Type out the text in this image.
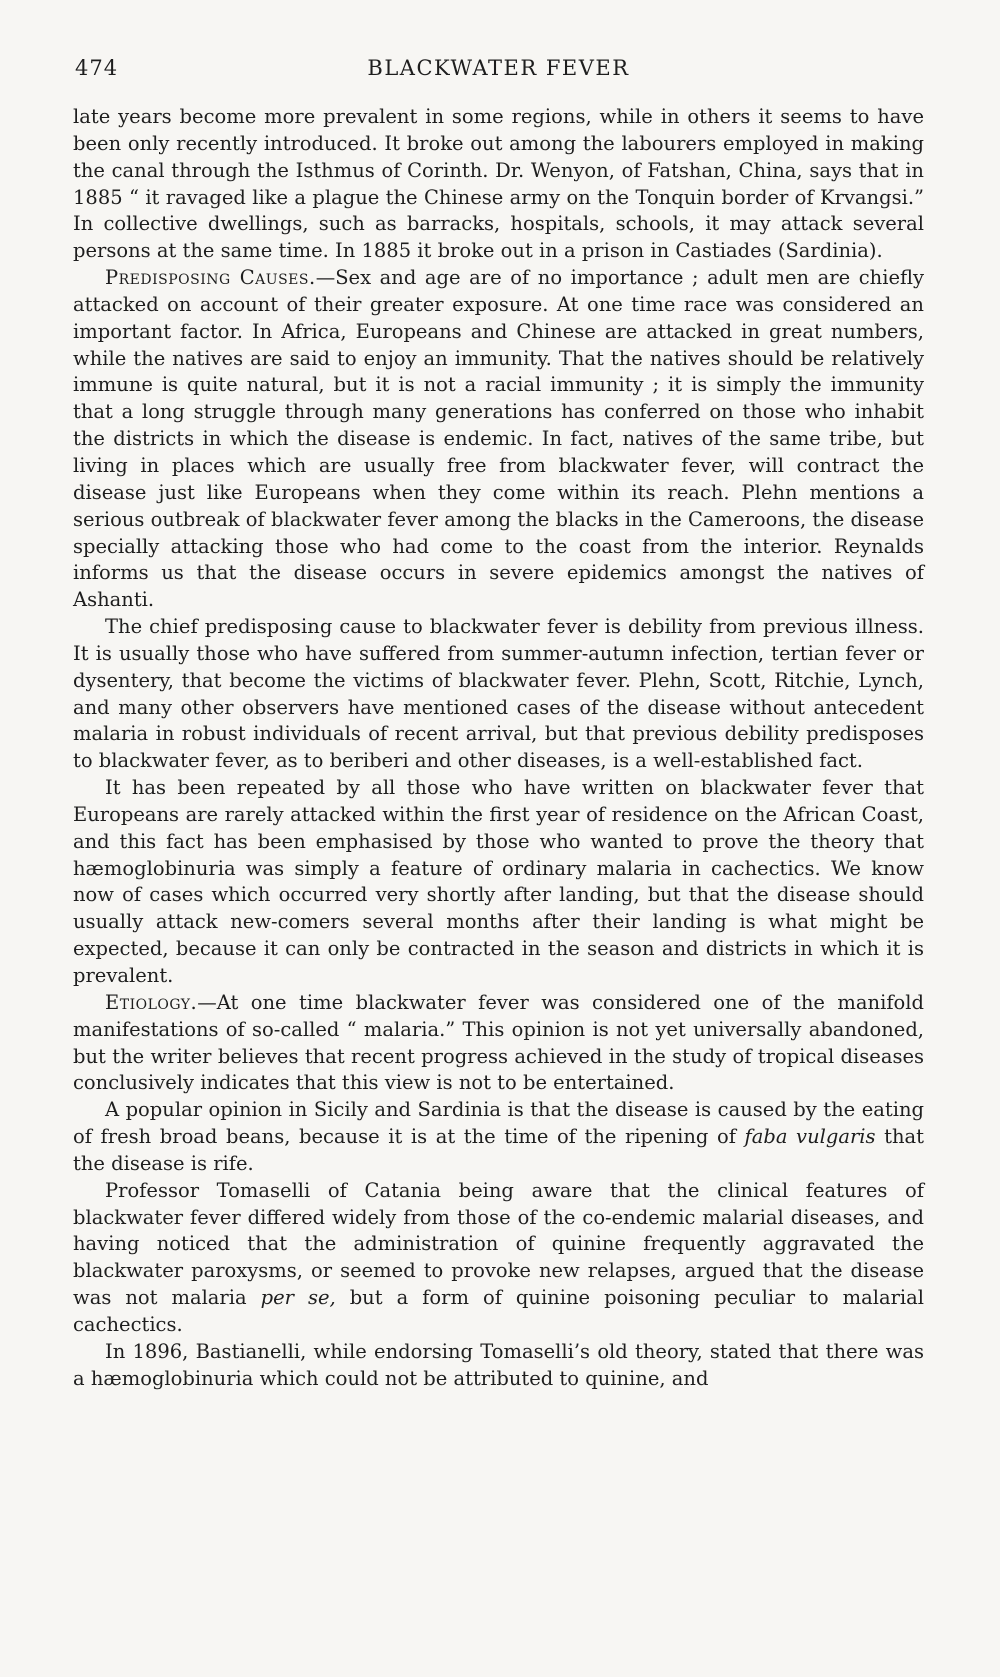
474	BLACKWATER FEVER

late years become more prevalent in some regions, while in others it seems to have been only recently introduced. It broke out among the labourers employed in making the canal through the Isthmus of Corinth. Dr. Wenyon, of Fatshan, China, says that in 1885 “ it ravaged like a plague the Chinese army on the Tonquin border of Krvangsi.” In collective dwellings, such as barracks, hospitals, schools, it may attack several persons at the same time. In 1885 it broke out in a prison in Castiades (Sardinia).

Predisposing Causes.—Sex and age are of no importance ; adult men are chiefly attacked on account of their greater exposure. At one time race was considered an important factor. In Africa, Europeans and Chinese are attacked in great numbers, while the natives are said to enjoy an immunity. That the natives should be relatively immune is quite natural, but it is not a racial immunity ; it is simply the immunity that a long struggle through many generations has conferred on those who inhabit the districts in which the disease is endemic. In fact, natives of the same tribe, but living in places which are usually free from blackwater fever, will contract the disease just like Europeans when they come within its reach. Plehn mentions a serious outbreak of blackwater fever among the blacks in the Cameroons, the disease specially attacking those who had come to the coast from the interior. Reynalds informs us that the disease occurs in severe epidemics amongst the natives of Ashanti.

The chief predisposing cause to blackwater fever is debility from previous illness. It is usually those who have suffered from summer-autumn infection, tertian fever or dysentery, that become the victims of blackwater fever. Plehn, Scott, Ritchie, Lynch, and many other observers have mentioned cases of the disease without antecedent malaria in robust individuals of recent arrival, but that previous debility predisposes to blackwater fever, as to beriberi and other diseases, is a well-established fact.

It has been repeated by all those who have written on blackwater fever that Europeans are rarely attacked within the first year of residence on the African Coast, and this fact has been emphasised by those who wanted to prove the theory that hæmoglobinuria was simply a feature of ordinary malaria in cachectics. We know now of cases which occurred very shortly after landing, but that the disease should usually attack new-comers several months after their landing is what might be expected, because it can only be contracted in the season and districts in which it is prevalent.

Etiology.—At one time blackwater fever was considered one of the manifold manifestations of so-called “ malaria.” This opinion is not yet universally abandoned, but the writer believes that recent progress achieved in the study of tropical diseases conclusively indicates that this view is not to be entertained.

A popular opinion in Sicily and Sardinia is that the disease is caused by the eating of fresh broad beans, because it is at the time of the ripening of faba vulgaris that the disease is rife.

Professor Tomaselli of Catania being aware that the clinical features of blackwater fever differed widely from those of the co-endemic malarial diseases, and having noticed that the administration of quinine frequently aggravated the blackwater paroxysms, or seemed to provoke new relapses, argued that the disease was not malaria per se, but a form of quinine poisoning peculiar to malarial cachectics.

In 1896, Bastianelli, while endorsing Tomaselli’s old theory, stated that there was a hæmoglobinuria which could not be attributed to quinine, and
